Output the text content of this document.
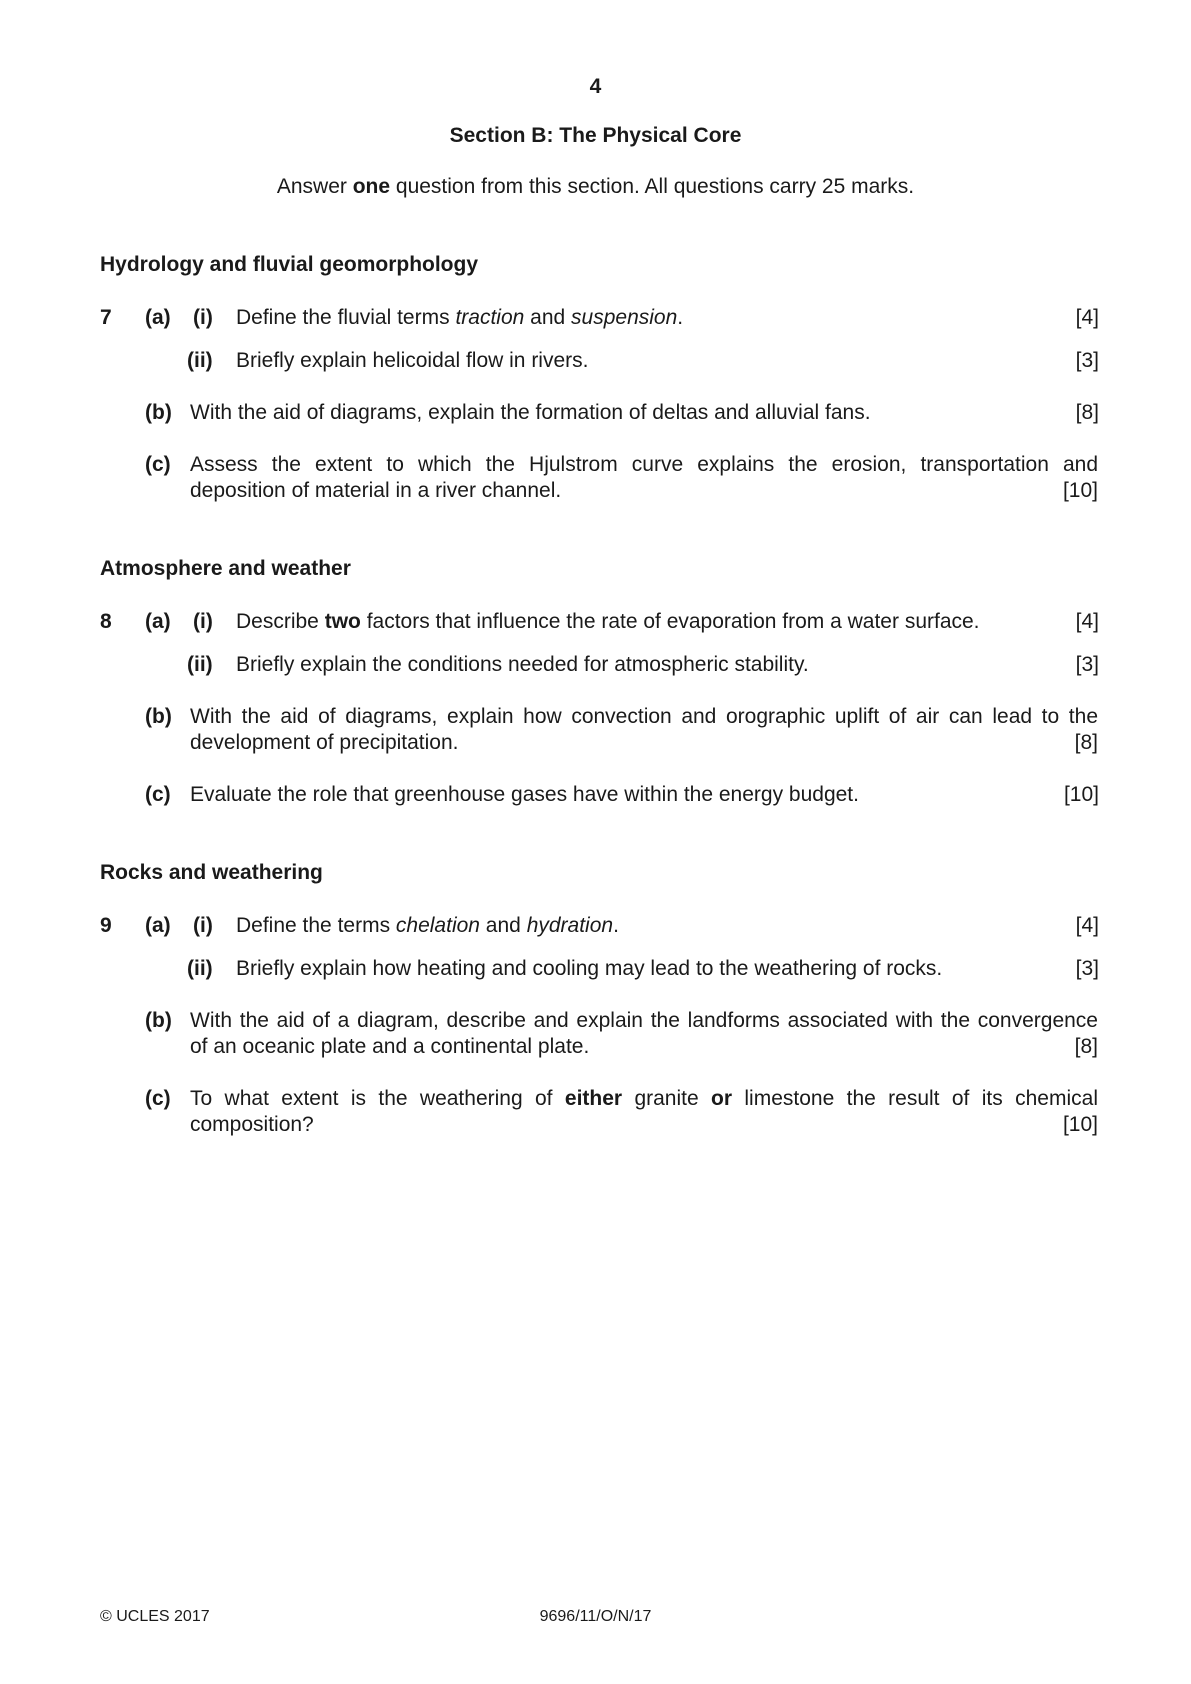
4
Section B: The Physical Core
Answer one question from this section. All questions carry 25 marks.
Hydrology and fluvial geomorphology
7 (a) (i) Define the fluvial terms traction and suspension.	[4]
(ii) Briefly explain helicoidal flow in rivers.	[3]
(b) With the aid of diagrams, explain the formation of deltas and alluvial fans.	[8]
(c) Assess the extent to which the Hjulstrom curve explains the erosion, transportation and
deposition of material in a river channel.	[10]
Atmosphere and weather
8 (a) (i) Describe two factors that influence the rate of evaporation from a water surface.	[4]
(ii) Briefly explain the conditions needed for atmospheric stability.	[3]
(b) With the aid of diagrams, explain how convection and orographic uplift of air can lead to the
development of precipitation.	[8]
(c) Evaluate the role that greenhouse gases have within the energy budget.	[10]
Rocks and weathering
9 (a) (i) Define the terms chelation and hydration.	[4]
(ii) Briefly explain how heating and cooling may lead to the weathering of rocks.	[3]
(b) With the aid of a diagram, describe and explain the landforms associated with the convergence
of an oceanic plate and a continental plate.	[8]
(c) To what extent is the weathering of either granite or limestone the result of its chemical
composition?	[10]
© UCLES 2017	9696/11/O/N/17
